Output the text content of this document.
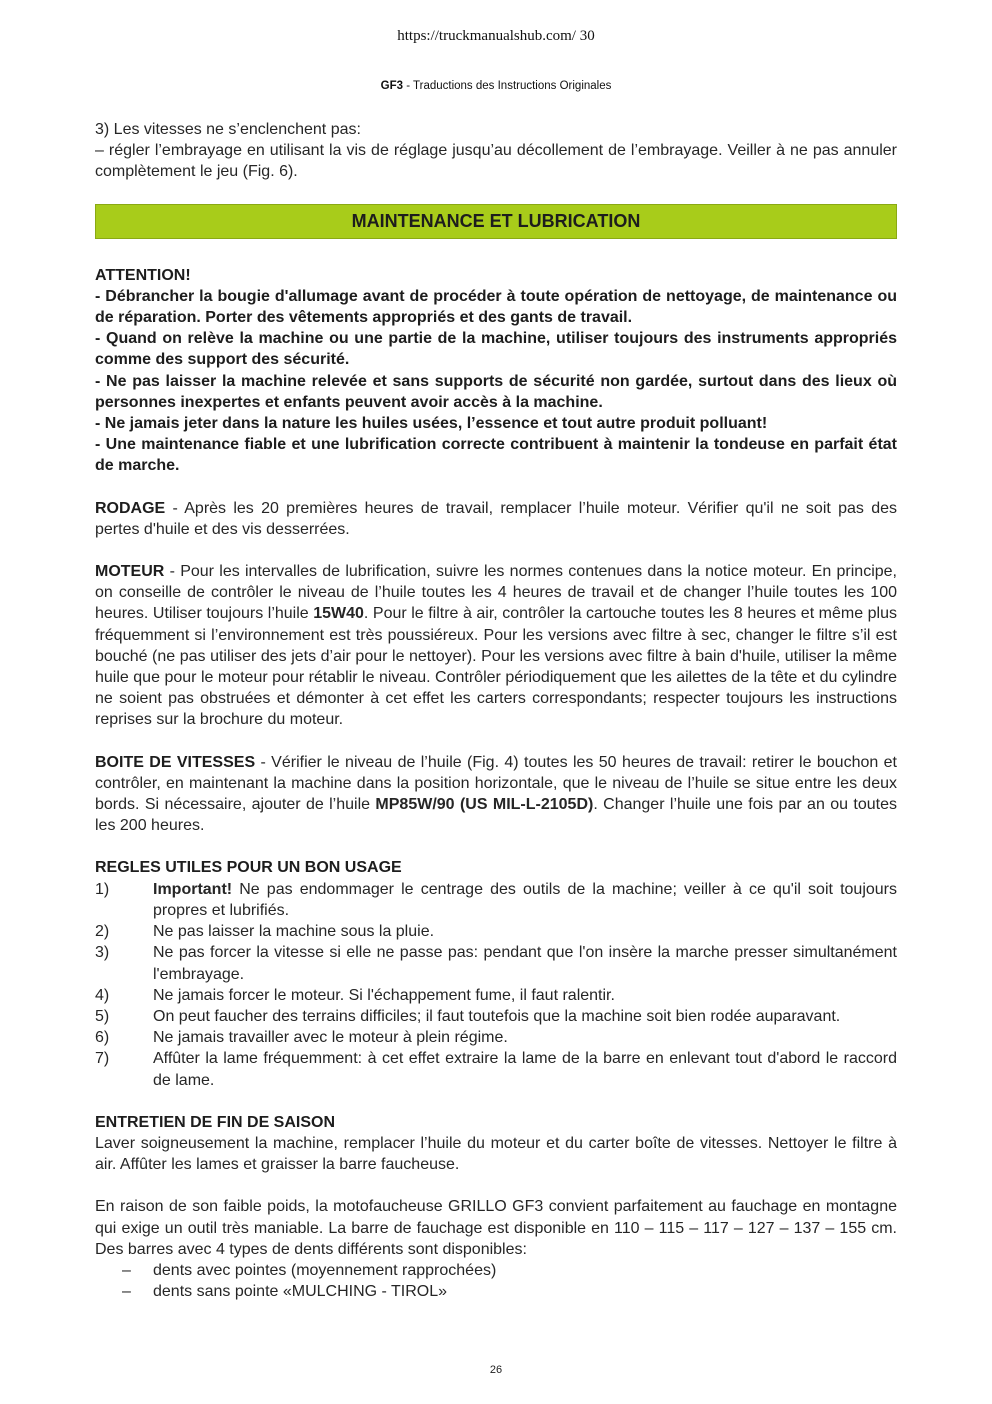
https://truckmanualshub.com/ 30
GF3 - Traductions des Instructions Originales

3) Les vitesses ne s’enclenchent pas:

– régler l’embrayage en utilisant la vis de réglage jusqu’au décollement de l’embrayage. Veiller à ne pas annuler complètement le jeu (Fig. 6).

MAINTENANCE ET LUBRICATION

ATTENTION!

- Débrancher la bougie d'allumage avant de procéder à toute opération de nettoyage, de maintenance ou de réparation. Porter des vêtements appropriés et des gants de travail.

- Quand on relève la machine ou une partie de la machine, utiliser toujours des instruments appropriés comme des support des sécurité.

- Ne pas laisser la machine relevée et sans supports de sécurité non gardée, surtout dans des lieux où personnes inexpertes et enfants peuvent avoir accès à la machine.

- Ne jamais jeter dans la nature les huiles usées, l’essence et tout autre produit polluant!

- Une maintenance fiable et une lubrification correcte contribuent à maintenir la tondeuse en parfait état de marche.

RODAGE - Après les 20 premières heures de travail, remplacer l’huile moteur. Vérifier qu'il ne soit pas des pertes d'huile et des vis desserrées.

MOTEUR - Pour les intervalles de lubrification, suivre les normes contenues dans la notice moteur. En principe, on conseille de contrôler le niveau de l’huile toutes les 4 heures de travail et de changer l’huile toutes les 100 heures. Utiliser toujours l’huile 15W40. Pour le filtre à air, contrôler la cartouche toutes les 8 heures et même plus fréquemment si l’environnement est très poussiéreux. Pour les versions avec filtre à sec, changer le filtre s’il est bouché (ne pas utiliser des jets d’air pour le nettoyer). Pour les versions avec filtre à bain d'huile, utiliser la même huile que pour le moteur pour rétablir le niveau. Contrôler périodiquement que les ailettes de la tête et du cylindre ne soient pas obstruées et démonter à cet effet les carters correspondants; respecter toujours les instructions reprises sur la brochure du moteur.

BOITE DE VITESSES - Vérifier le niveau de l’huile (Fig. 4) toutes les 50 heures de travail: retirer le bouchon et contrôler, en maintenant la machine dans la position horizontale, que le niveau de l’huile se situe entre les deux bords. Si nécessaire, ajouter de l’huile MP85W/90 (US MIL-L-2105D). Changer l’huile une fois par an ou toutes les 200 heures.

REGLES UTILES POUR UN BON USAGE

1)	Important! Ne pas endommager le centrage des outils de la machine; veiller à ce qu'il soit toujours propres et lubrifiés.
2)	Ne pas laisser la machine sous la pluie.
3)	Ne pas forcer la vitesse si elle ne passe pas: pendant que l'on insère la marche presser simultanément l'embrayage.
4)	Ne jamais forcer le moteur. Si l'échappement fume, il faut ralentir.
5)	On peut faucher des terrains difficiles; il faut toutefois que la machine soit bien rodée auparavant.
6)	Ne jamais travailler avec le moteur à plein régime.
7)	Affûter la lame fréquemment: à cet effet extraire la lame de la barre en enlevant tout d'abord le raccord de lame.

ENTRETIEN DE FIN DE SAISON

Laver soigneusement la machine, remplacer l’huile du moteur et du carter boîte de vitesses. Nettoyer le filtre à air. Affûter les lames et graisser la barre faucheuse.

En raison de son faible poids, la motofaucheuse GRILLO GF3 convient parfaitement au fauchage en montagne qui exige un outil très maniable. La barre de fauchage est disponible en 110 – 115 – 117 – 127 – 137 – 155 cm. Des barres avec 4 types de dents différents sont disponibles:

–	dents avec pointes (moyennement rapprochées)
–	dents sans pointe «MULCHING - TIROL»
26
